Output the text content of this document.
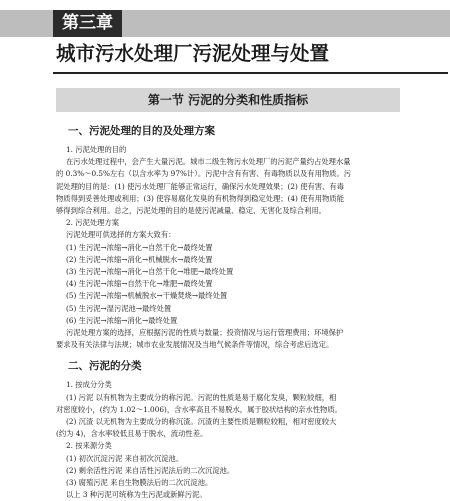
第三章
城市污水处理厂污泥处理与处置
第一节 污泥的分类和性质指标
一、污泥处理的目的及处理方案
1. 污泥处理的目的
在污水处理过程中，会产生大量污泥。城市二级生物污水处理厂的污泥产量约占处理水量
的 0.3%～0.5%左右（以含水率为 97%计）。污泥中含有有害、有毒物质以及有用物质。污
泥处理的目的是：(1) 使污水处理厂能够正常运行，确保污水处理效果；(2) 使有害、有毒
物质得到妥善处理或利用；(3) 使容易腐化发臭的有机物得到稳定处理；(4) 使有用物质能
够得到综合利用。总之，污泥处理的目的是使污泥减量、稳定、无害化及综合利用。
2. 污泥处理方案
污泥处理可供选择的方案大致有：
(1) 生污泥→浓缩→消化→自然干化→最终处置
(2) 生污泥→浓缩→消化→机械脱水→最终处置
(3) 生污泥→浓缩→消化→自然干化→堆肥→最终处置
(4) 生污泥→浓缩→自然干化→堆肥→最终处置
(5) 生污泥→浓缩→机械脱水→干燥焚烧→最终处置
(5) 生污泥→湿污泥池→最终处置
(6) 生污泥→浓缩→消化→最终处置
污泥处理方案的选择，应根据污泥的性质与数量；投资情况与运行管理费用；环境保护
要求及有关法律与法规；城市农业发展情况及当地气候条件等情况，综合考虑后选定。
二、污泥的分类
1. 按成分分类
(1) 污泥 以有机物为主要成分的称污泥。污泥的性质是易于腐化发臭，颗粒较细，相
对密度较小，(约为 1.02～1.006)，含水率高且不易脱水，属于胶状结构的亲水性物质。
(2) 沉渣 以无机物为主要成分的称沉渣。沉渣的主要性质是颗粒较粗，相对密度较大
(约为 4)，含水率较低且易于脱水，流动性差。
2. 按来源分类
(1) 初次沉淀污泥 来自初次沉淀池。
(2) 剩余活性污泥 来自活性污泥法后的二次沉淀池。
(3) 腐殖污泥 来自生物膜法后的二次沉淀池。
以上 3 种污泥可统称为生污泥或新鲜污泥。
